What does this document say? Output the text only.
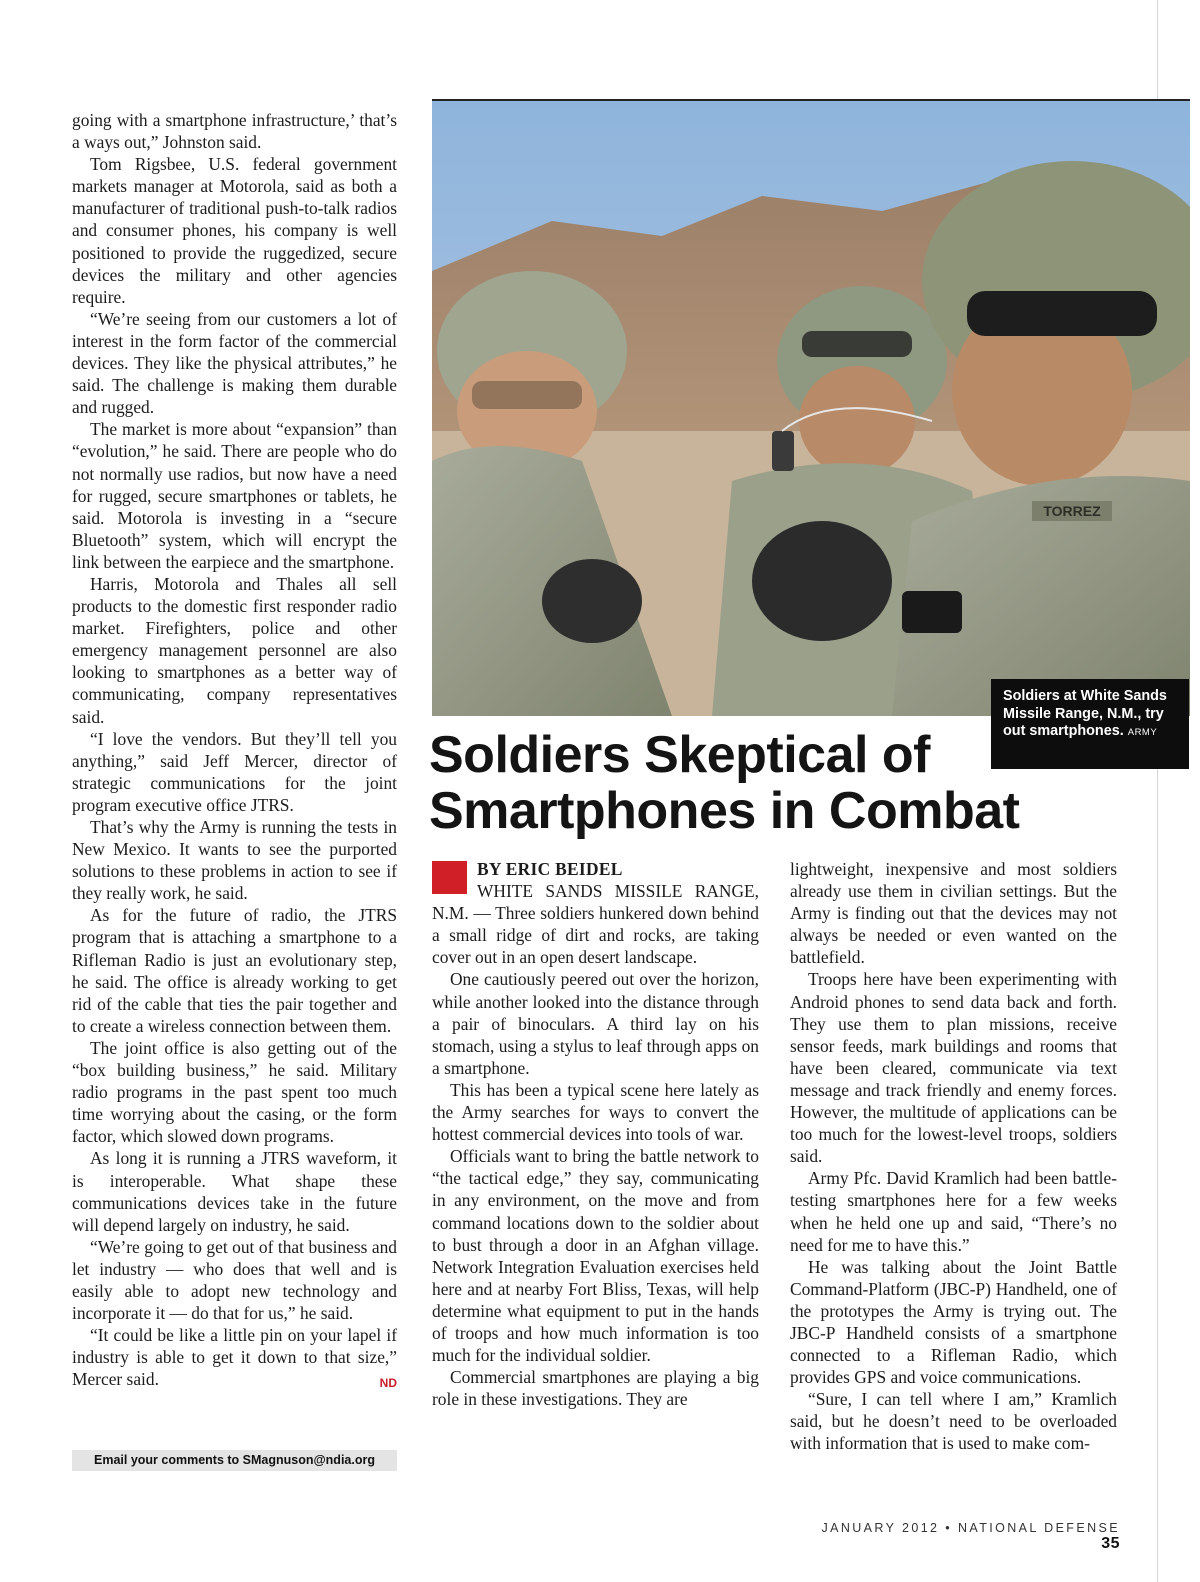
going with a smartphone infrastructure,’ that’s a ways out,” Johnston said.

Tom Rigsbee, U.S. federal government markets manager at Motorola, said as both a manufacturer of traditional push-to-talk radios and consumer phones, his company is well positioned to provide the ruggedized, secure devices the military and other agencies require.

“We’re seeing from our customers a lot of interest in the form factor of the commercial devices. They like the physical attributes,” he said. The challenge is making them durable and rugged.

The market is more about “expansion” than “evolution,” he said. There are people who do not normally use radios, but now have a need for rugged, secure smartphones or tablets, he said. Motorola is investing in a “secure Bluetooth” system, which will encrypt the link between the earpiece and the smartphone.

Harris, Motorola and Thales all sell products to the domestic first responder radio market. Firefighters, police and other emergency management personnel are also looking to smartphones as a better way of communicating, company representatives said.

“I love the vendors. But they’ll tell you anything,” said Jeff Mercer, director of strategic communications for the joint program executive office JTRS.

That’s why the Army is running the tests in New Mexico. It wants to see the purported solutions to these problems in action to see if they really work, he said.

As for the future of radio, the JTRS program that is attaching a smartphone to a Rifleman Radio is just an evolutionary step, he said. The office is already working to get rid of the cable that ties the pair together and to create a wireless connection between them.

The joint office is also getting out of the “box building business,” he said. Military radio programs in the past spent too much time worrying about the casing, or the form factor, which slowed down programs.

As long it is running a JTRS waveform, it is interoperable. What shape these communications devices take in the future will depend largely on industry, he said.

“We’re going to get out of that business and let industry — who does that well and is easily able to adopt new technology and incorporate it — do that for us,” he said.

“It could be like a little pin on your lapel if industry is able to get it down to that size,” Mercer said.	ND

Email your comments to SMagnuson@ndia.org
TORREZ
Soldiers at White Sands Missile Range, N.M., try out smartphones. ARMY
Soldiers Skeptical of
Smartphones in Combat

BY ERIC BEIDEL
WHITE SANDS MISSILE RANGE, N.M. — Three soldiers hunkered down behind a small ridge of dirt and rocks, are taking cover out in an open desert landscape.

One cautiously peered out over the horizon, while another looked into the distance through a pair of binoculars. A third lay on his stomach, using a stylus to leaf through apps on a smartphone.

This has been a typical scene here lately as the Army searches for ways to convert the hottest commercial devices into tools of war.

Officials want to bring the battle network to “the tactical edge,” they say, communicating in any environment, on the move and from command locations down to the soldier about to bust through a door in an Afghan village. Network Integration Evaluation exercises held here and at nearby Fort Bliss, Texas, will help determine what equipment to put in the hands of troops and how much information is too much for the individual soldier.

Commercial smartphones are playing a big role in these investigations. They are

lightweight, inexpensive and most soldiers already use them in civilian settings. But the Army is finding out that the devices may not always be needed or even wanted on the battlefield.

Troops here have been experimenting with Android phones to send data back and forth. They use them to plan missions, receive sensor feeds, mark buildings and rooms that have been cleared, communicate via text message and track friendly and enemy forces. However, the multitude of applications can be too much for the lowest-level troops, soldiers said.

Army Pfc. David Kramlich had been battle-testing smartphones here for a few weeks when he held one up and said, “There’s no need for me to have this.”

He was talking about the Joint Battle Command-Platform (JBC-P) Handheld, one of the prototypes the Army is trying out. The JBC-P Handheld consists of a smartphone connected to a Rifleman Radio, which provides GPS and voice communications.

“Sure, I can tell where I am,” Kramlich said, but he doesn’t need to be overloaded with information that is used to make com-

JANUARY 2012 • NATIONAL DEFENSE 35
